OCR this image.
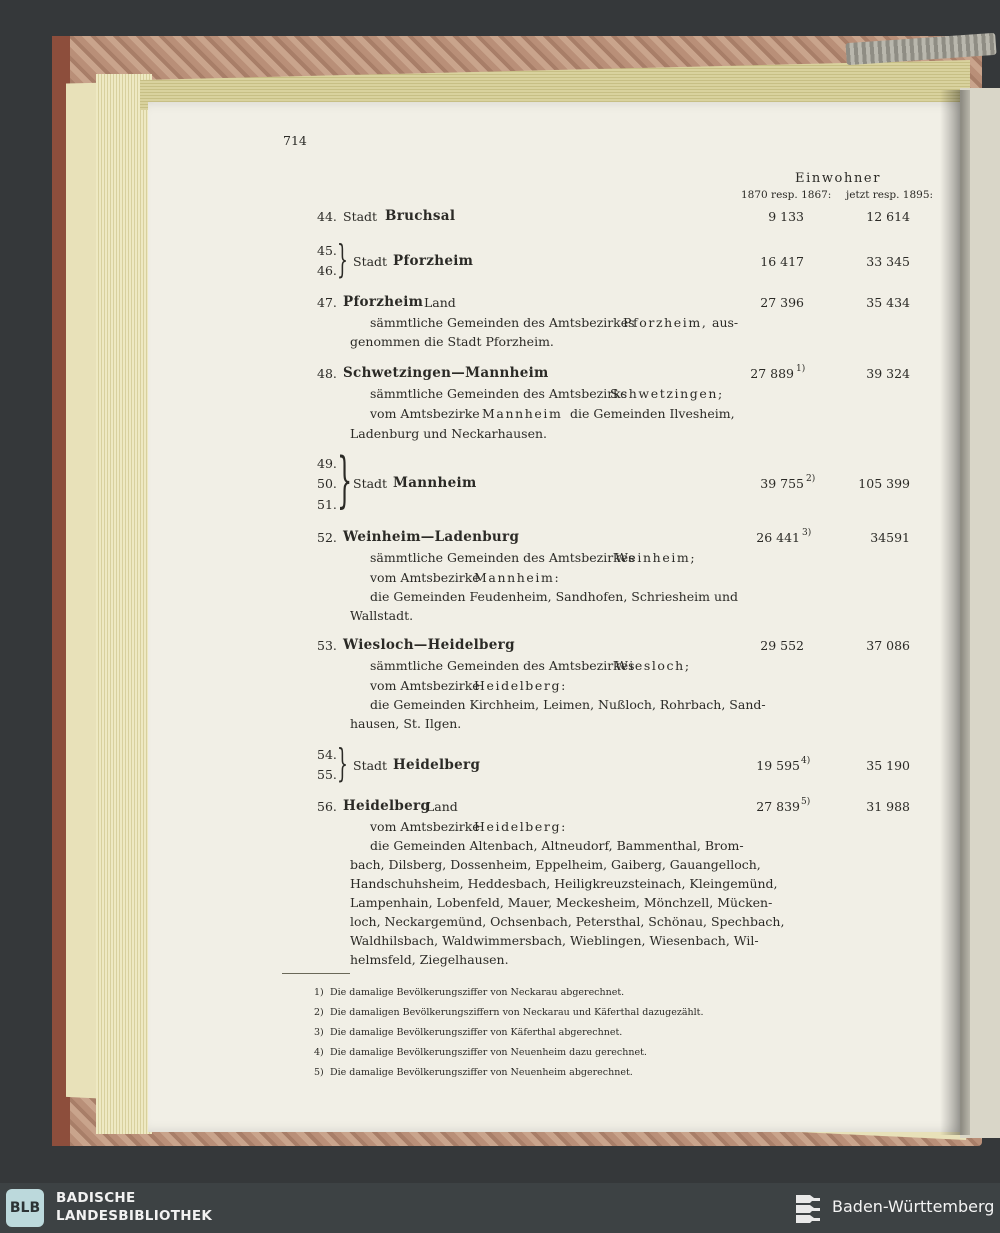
714
Einwohner
1870 resp. 1867: jetzt resp. 1895:
44. Stadt Bruchsal	9 133	12 614
45.
46. } Stadt Pforzheim	16 417	33 345
47. Pforzheim Land	27 396	35 434
sämmtliche Gemeinden des Amtsbezirkes
Pforzheim, aus-
genommen die Stadt Pforzheim.
48. Schwetzingen—Mannheim	27 889 1)	39 324
sämmtliche Gemeinden des Amtsbezirks
Schwetzingen;
vom Amtsbezirke Mannheim die Gemeinden Ilvesheim,
Ladenburg und Neckarhausen.
49.
50.
51. } Stadt Mannheim	39 755 2)	105 399
52. Weinheim—Ladenburg	26 441 3)	34591
sämmtliche Gemeinden des Amtsbezirkes
Weinheim;
vom Amtsbezirke
Mannheim:
die Gemeinden Feudenheim, Sandhofen, Schriesheim und
Wallstadt.
53. Wiesloch—Heidelberg	29 552	37 086
sämmtliche Gemeinden des Amtsbezirkes
Wiesloch;
vom Amtsbezirke
Heidelberg:
die Gemeinden Kirchheim, Leimen, Nußloch, Rohrbach, Sand-
hausen, St. Ilgen.
54.
55. } Stadt Heidelberg	19 595 4)	35 190
56. Heidelberg
Land	27 839 5)	31 988
vom Amtsbezirke
Heidelberg:
die Gemeinden Altenbach, Altneudorf, Bammenthal, Brom-
bach, Dilsberg, Dossenheim, Eppelheim, Gaiberg, Gauangelloch,
Handschuhsheim, Heddesbach, Heiligkreuzsteinach, Kleingemünd,
Lampenhain, Lobenfeld, Mauer, Meckesheim, Mönchzell, Mücken-
loch, Neckargemünd, Ochsenbach, Petersthal, Schönau, Spechbach,
Waldhilsbach, Waldwimmersbach, Wieblingen, Wiesenbach, Wil-
helmsfeld, Ziegelhausen.
1) Die damalige Bevölkerungsziffer von Neckarau abgerechnet.
2) Die damaligen Bevölkerungsziffern von Neckarau und Käferthal dazugezählt.
3) Die damalige Bevölkerungsziffer von Käferthal abgerechnet.
4) Die damalige Bevölkerungsziffer von Neuenheim dazu gerechnet.
5) Die damalige Bevölkerungsziffer von Neuenheim abgerechnet.
BLB
BADISCHE
LANDESBIBLIOTHEK	Baden-Württemberg
